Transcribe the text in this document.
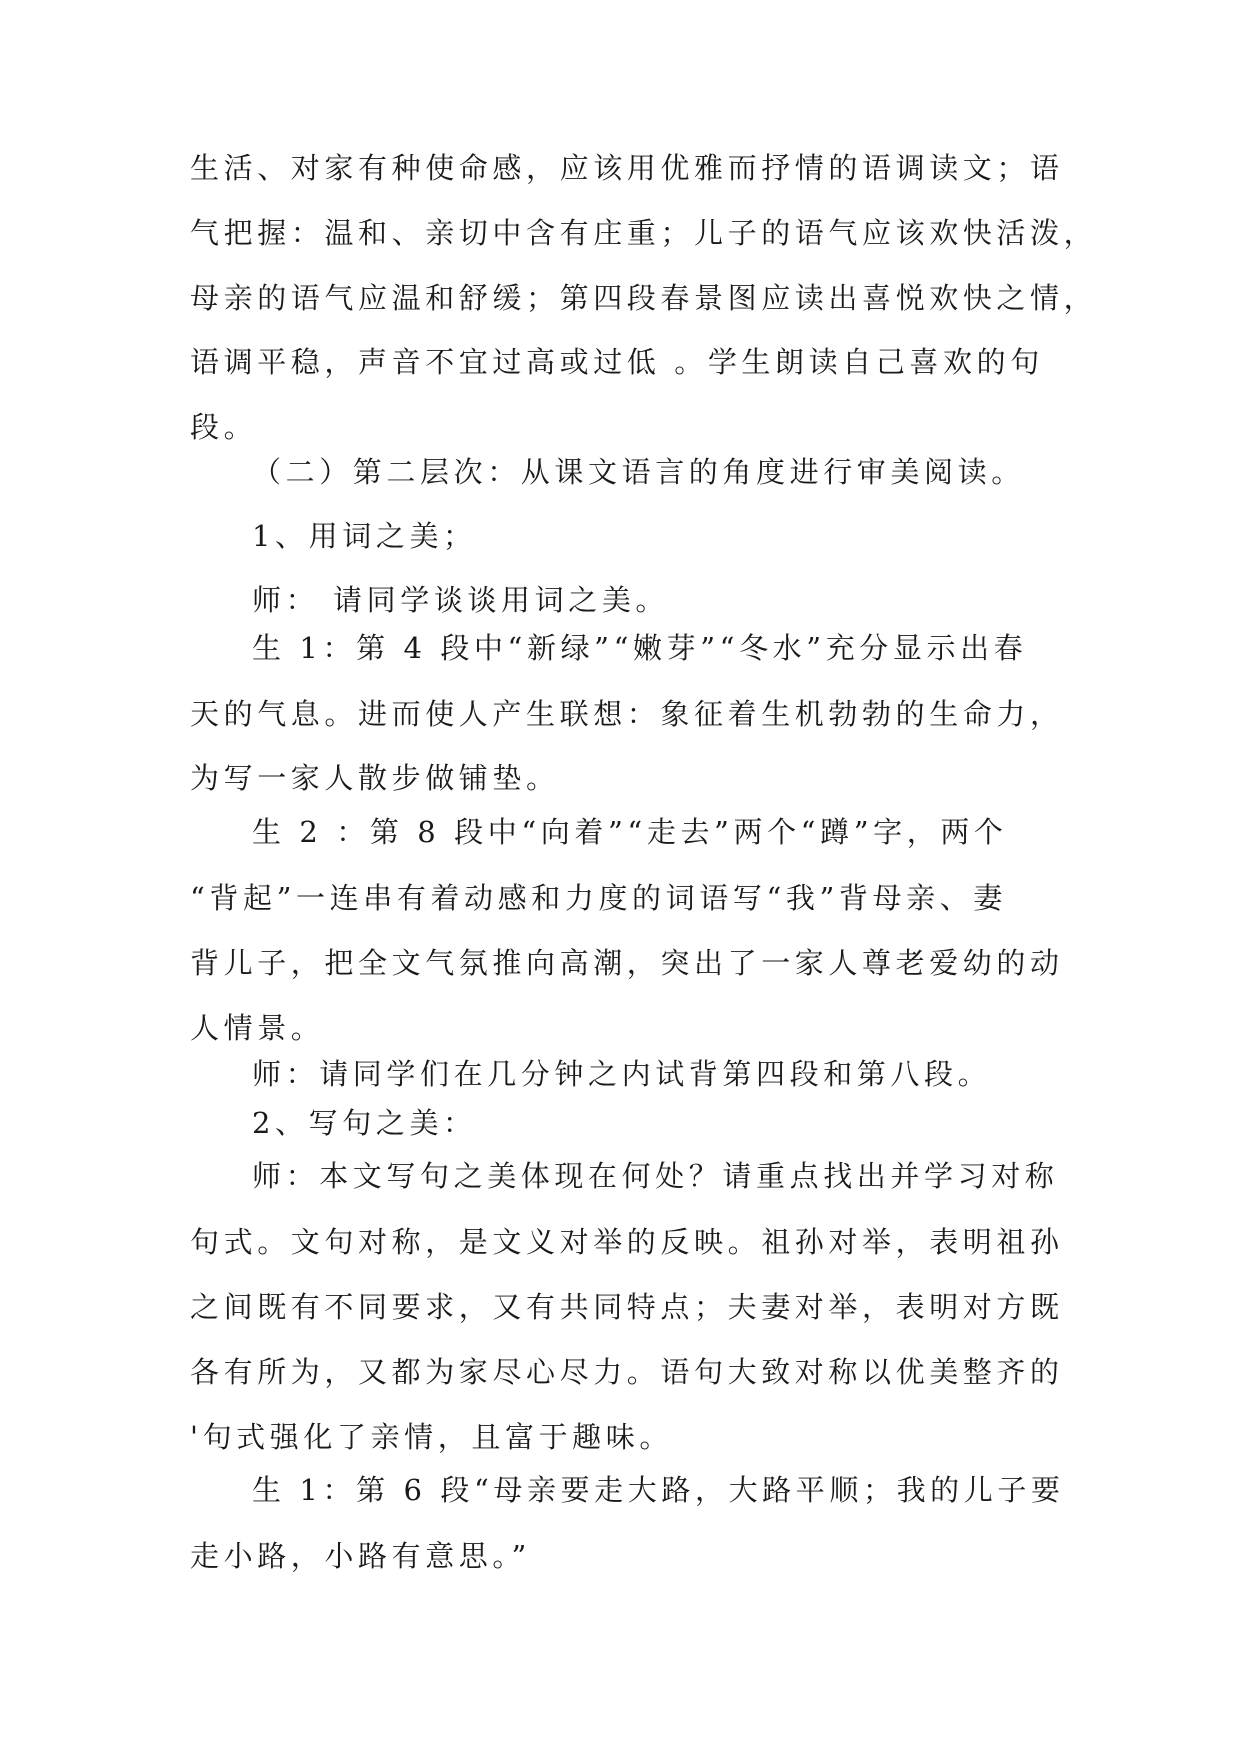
生活、对家有种使命感，应该用优雅而抒情的语调读文；语
气把握：温和、亲切中含有庄重；儿子的语气应该欢快活泼，
母亲的语气应温和舒缓；第四段春景图应读出喜悦欢快之情，
语调平稳，声音不宜过高或过低 。学生朗读自己喜欢的句
段。
（二）第二层次：从课文语言的角度进行审美阅读。
1、用词之美；
师： 请同学谈谈用词之美。
生 1：第 4 段中“新绿”“嫩芽”“冬水”充分显示出春
天的气息。进而使人产生联想：象征着生机勃勃的生命力，
为写一家人散步做铺垫。
生 2 ：第 8 段中“向着”“走去”两个“蹲”字，两个
“背起”一连串有着动感和力度的词语写“我”背母亲、妻
背儿子，把全文气氛推向高潮，突出了一家人尊老爱幼的动
人情景。
师：请同学们在几分钟之内试背第四段和第八段。
2、写句之美：
师：本文写句之美体现在何处？请重点找出并学习对称
句式。文句对称，是文义对举的反映。祖孙对举，表明祖孙
之间既有不同要求，又有共同特点；夫妻对举，表明对方既
各有所为，又都为家尽心尽力。语句大致对称以优美整齐的
'句式强化了亲情，且富于趣味。
生 1：第 6 段“母亲要走大路，大路平顺；我的儿子要
走小路，小路有意思。”
